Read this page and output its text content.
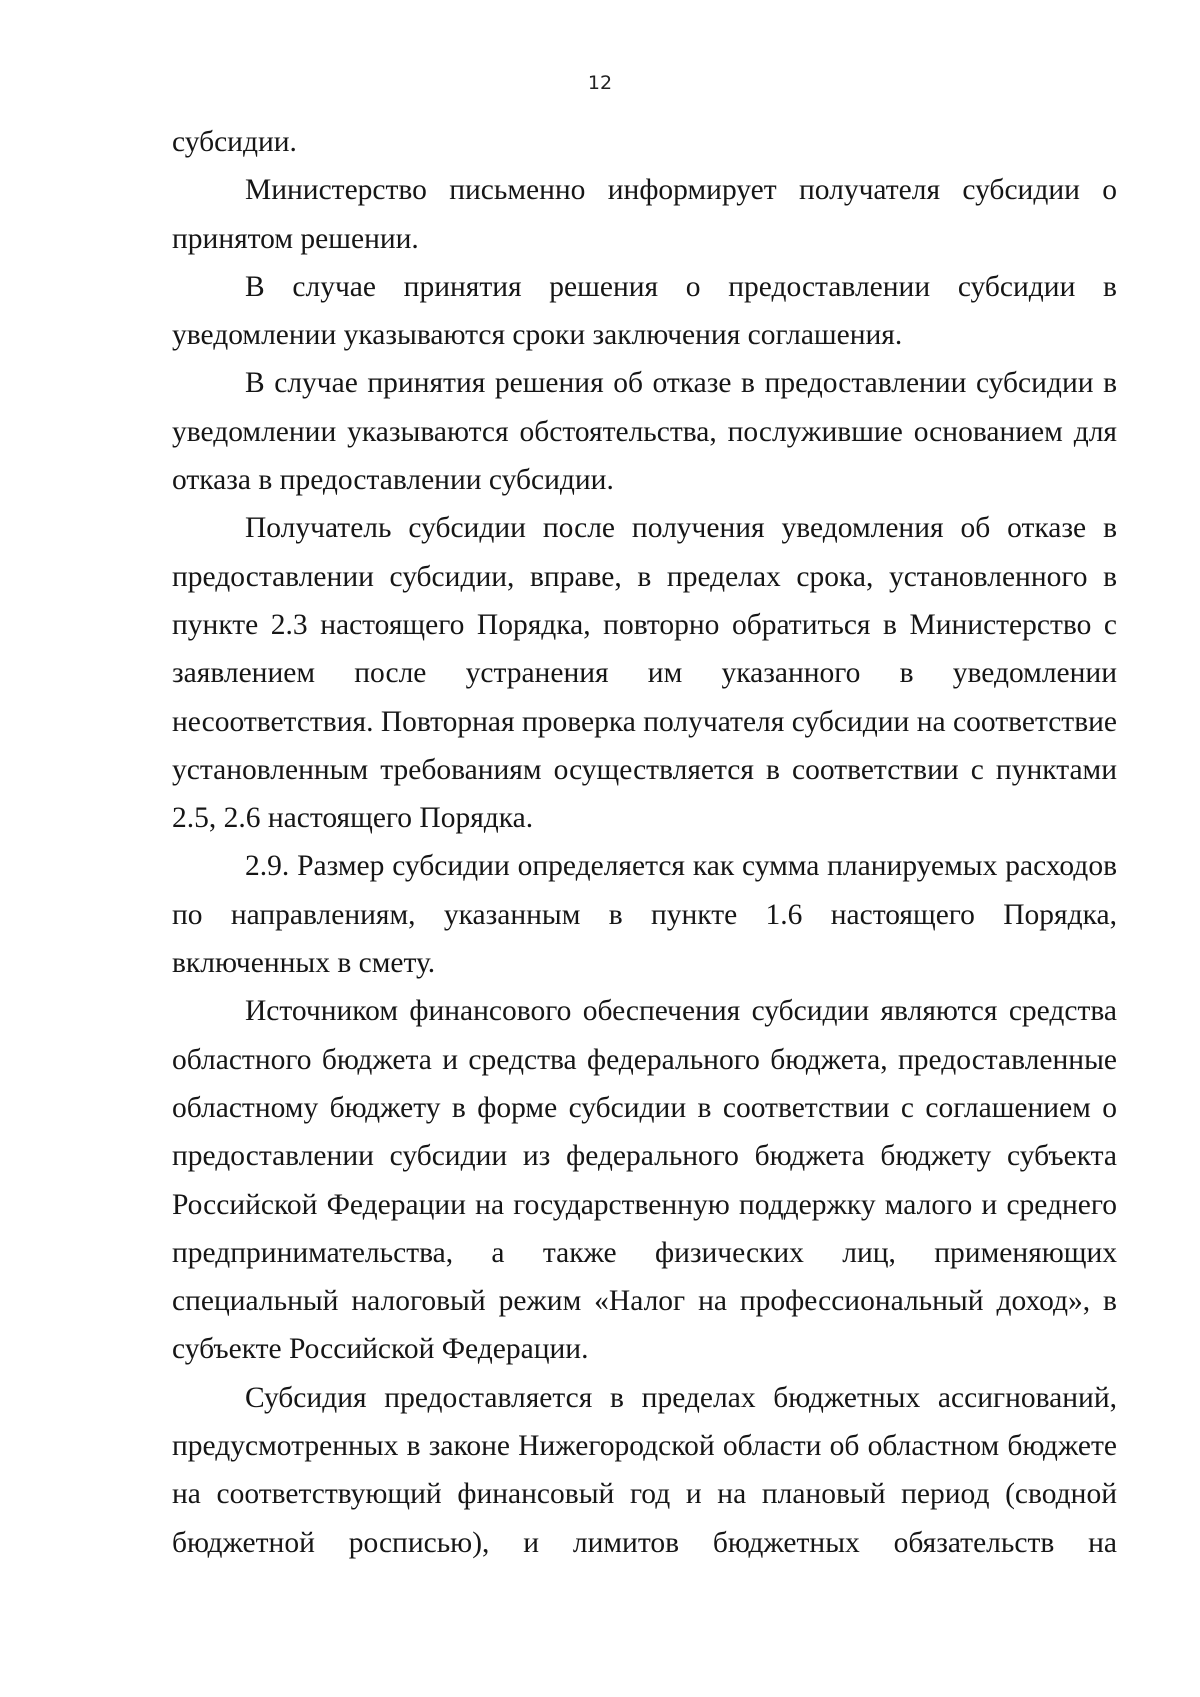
12

субсидии.

Министерство письменно информирует получателя субсидии о принятом решении.

В случае принятия решения о предоставлении субсидии в уведомлении указываются сроки заключения соглашения.

В случае принятия решения об отказе в предоставлении субсидии в уведомлении указываются обстоятельства, послужившие основанием для отказа в предоставлении субсидии.

Получатель субсидии после получения уведомления об отказе в предоставлении субсидии, вправе, в пределах срока, установленного в пункте 2.3 настоящего Порядка, повторно обратиться в Министерство с заявлением после устранения им указанного в уведомлении несоответствия. Повторная проверка получателя субсидии на соответствие установленным требованиям осуществляется в соответствии с пунктами 2.5, 2.6 настоящего Порядка.

2.9. Размер субсидии определяется как сумма планируемых расходов по направлениям, указанным в пункте 1.6 настоящего Порядка, включенных в смету.

Источником финансового обеспечения субсидии являются средства областного бюджета и средства федерального бюджета, предоставленные областному бюджету в форме субсидии в соответствии с соглашением о предоставлении субсидии из федерального бюджета бюджету субъекта Российской Федерации на государственную поддержку малого и среднего предпринимательства, а также физических лиц, применяющих специальный налоговый режим «Налог на профессиональный доход», в субъекте Российской Федерации.

Субсидия предоставляется в пределах бюджетных ассигнований, предусмотренных в законе Нижегородской области об областном бюджете на соответствующий финансовый год и на плановый период (сводной бюджетной росписью), и лимитов бюджетных обязательств на
